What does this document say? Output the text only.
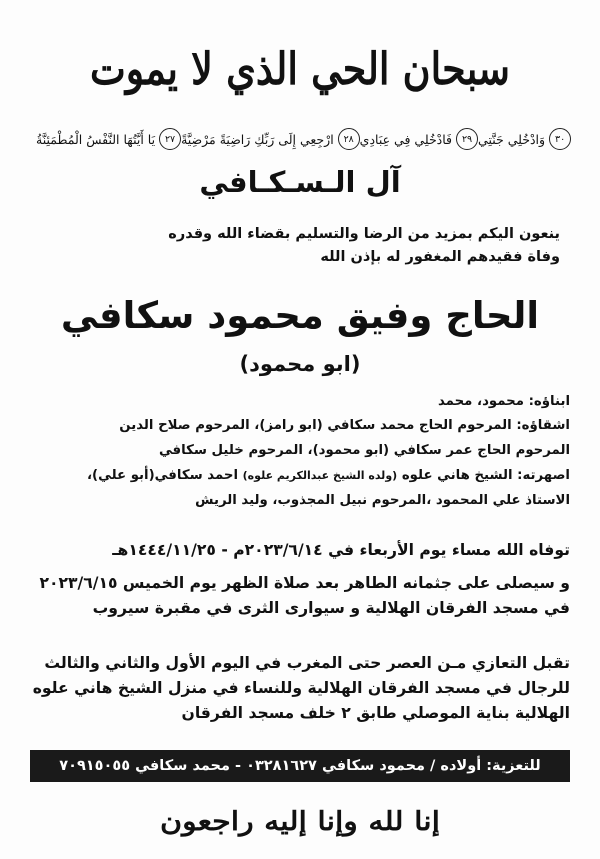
سبحان الحي الذي لا يموت
يَا أَيَّتُهَا النَّفْسُ الْمُطْمَئِنَّةُ	٢٧ ارْجِعِي إِلَى رَبِّكِ رَاضِيَةً مَرْضِيَّةً	٢٨ فَادْخُلِي فِي عِبَادِي	٢٩ وَادْخُلِي جَنَّتِي	٣٠
آل الـسـكـافي
ينعون اليكم بمزيد من الرضا والتسليم بقضاء الله وقدره
وفاة فقيدهم المغفور له بإذن الله
الحاج وفيق محمود سكافي
(ابو محمود)
ابناؤه: محمود، محمد
اشقاؤه: المرحوم الحاج محمد سكافي (ابو رامز)، المرحوم صلاح الدين
المرحوم الحاج عمر سكافي (ابو محمود)، المرحوم خليل سكافي
اصهرته: الشيخ هاني علوه (ولده الشيخ عبدالكريم علوه) احمد سكافي(أبو علي)،
الاستاذ علي المحمود ،المرحوم نبيل المجذوب، وليد الريش
توفاه الله مساء يوم الأربعاء في ٢٠٢٣/٦/١٤م - ١٤٤٤/١١/٢٥هـ
و سيصلى على جثمانه الطاهر بعد صلاة الظهر يوم الخميس ٢٠٢٣/٦/١٥
في مسجد الفرقان الهلالية و سيوارى الثرى في مقبرة سيروب
تقبل التعازي مـن العصر حتى المغرب في اليوم الأول والثاني والثالث
للرجال في مسجد الفرقان الهلالية وللنساء في منزل الشيخ هاني علوه
الهلالية بناية الموصلي طابق ٢ خلف مسجد الفرقان
للتعزية: أولاده / محمود سكافي ٠٣٢٨١٦٢٧ - محمد سكافي ٧٠٩١٥٠٥٥
إنا لله وإنا إليه راجعون
